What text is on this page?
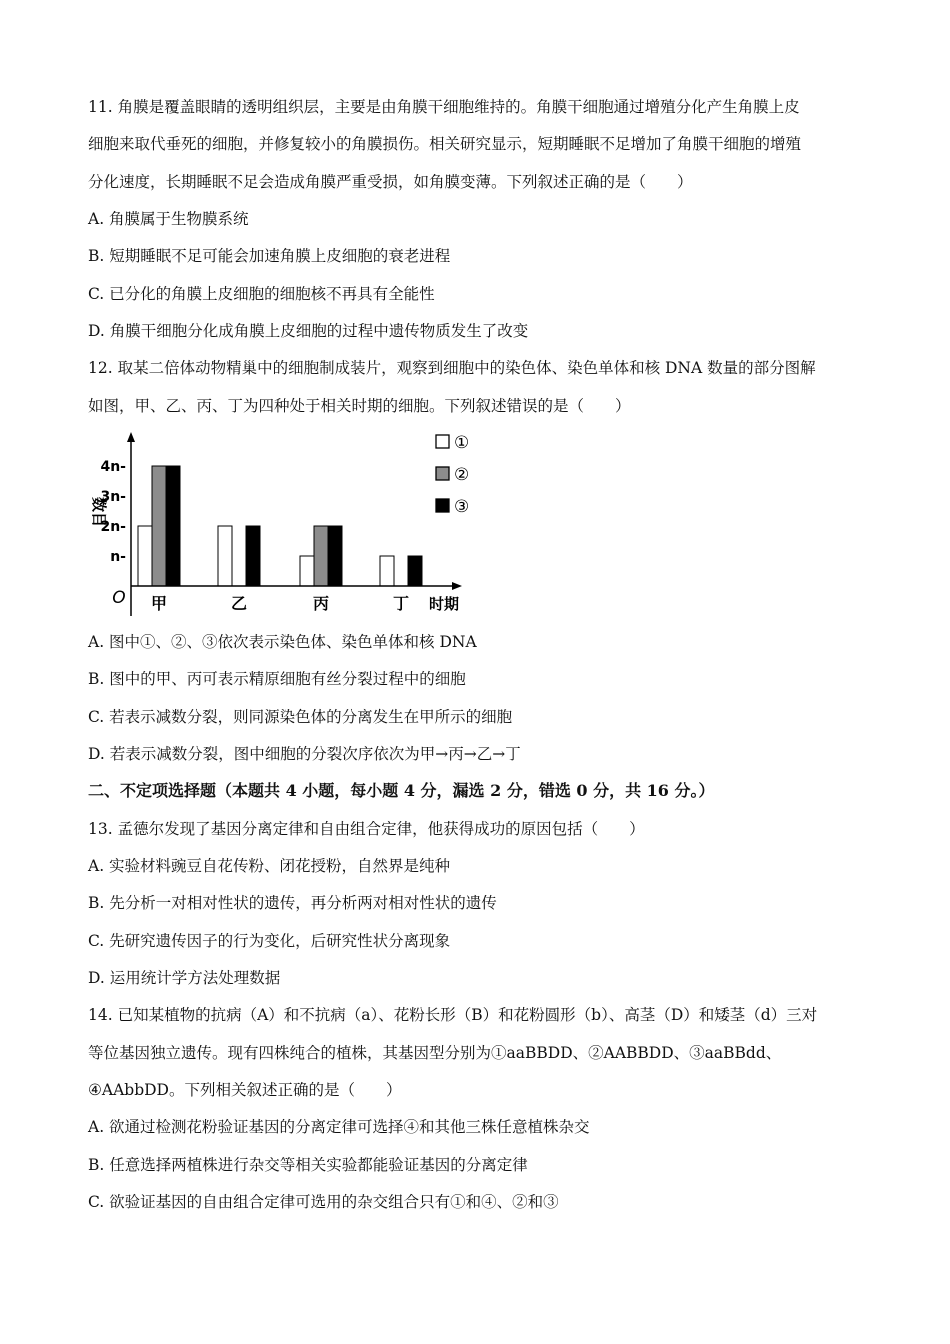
11. 角膜是覆盖眼睛的透明组织层，主要是由角膜干细胞维持的。角膜干细胞通过增殖分化产生角膜上皮
细胞来取代垂死的细胞，并修复较小的角膜损伤。相关研究显示，短期睡眠不足增加了角膜干细胞的增殖
分化速度，长期睡眠不足会造成角膜严重受损，如角膜变薄。下列叙述正确的是（　　）
A. 角膜属于生物膜系统
B. 短期睡眠不足可能会加速角膜上皮细胞的衰老进程
C. 已分化的角膜上皮细胞的细胞核不再具有全能性
D. 角膜干细胞分化成角膜上皮细胞的过程中遗传物质发生了改变
12. 取某二倍体动物精巢中的细胞制成装片，观察到细胞中的染色体、染色单体和核 DNA 数量的部分图解
如图，甲、乙、丙、丁为四种处于相关时期的细胞。下列叙述错误的是（　　）
n-
2n-
3n-
4n-
甲	乙	丙	丁
O	时期
数目
①
②
③
A. 图中①、②、③依次表示染色体、染色单体和核 DNA
B. 图中的甲、丙可表示精原细胞有丝分裂过程中的细胞
C. 若表示减数分裂，则同源染色体的分离发生在甲所示的细胞
D. 若表示减数分裂，图中细胞的分裂次序依次为甲→丙→乙→丁
二、不定项选择题（本题共 4 小题，每小题 4 分，漏选 2 分，错选 0 分，共 16 分。）
13. 孟德尔发现了基因分离定律和自由组合定律，他获得成功的原因包括（　　）
A. 实验材料豌豆自花传粉、闭花授粉，自然界是纯种
B. 先分析一对相对性状的遗传，再分析两对相对性状的遗传
C. 先研究遗传因子的行为变化，后研究性状分离现象
D. 运用统计学方法处理数据
14. 已知某植物的抗病（A）和不抗病（a）、花粉长形（B）和花粉圆形（b）、高茎（D）和矮茎（d）三对
等位基因独立遗传。现有四株纯合的植株，其基因型分别为①aaBBDD、②AABBDD、③aaBBdd、
④AAbbDD。下列相关叙述正确的是（　　）
A. 欲通过检测花粉验证基因的分离定律可选择④和其他三株任意植株杂交
B. 任意选择两植株进行杂交等相关实验都能验证基因的分离定律
C. 欲验证基因的自由组合定律可选用的杂交组合只有①和④、②和③
